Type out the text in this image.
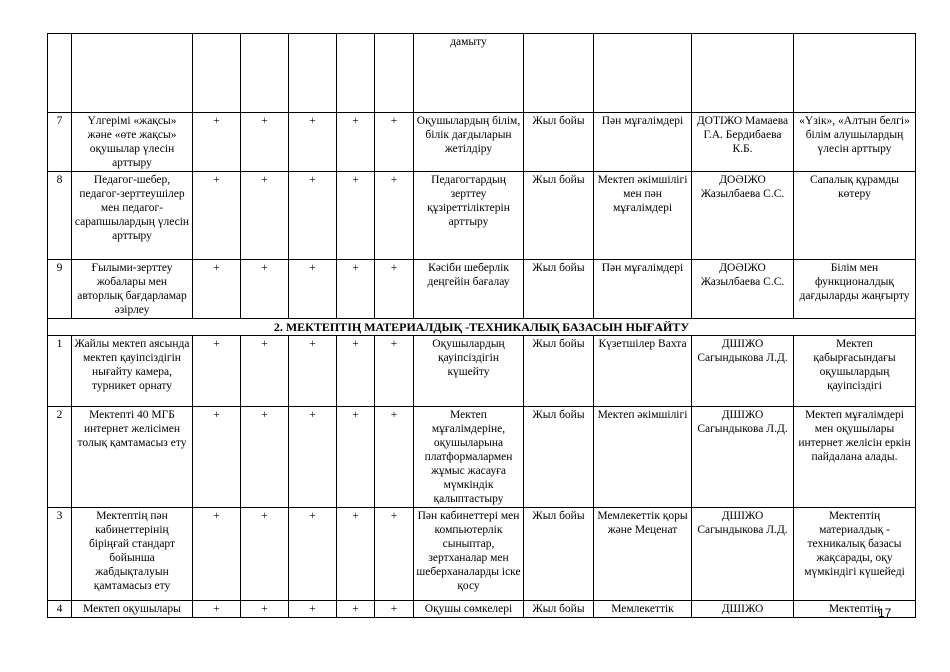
							дамыту				
7	Үлгерімі «жақсы» және «өте жақсы» оқушылар үлесін арттыру	+	+	+	+	+	Оқушылардың білім, білік дағдыларын жетілдіру	Жыл бойы	Пән мұғалімдері	ДОТІЖО Мамаева Г.А. Бердибаева К.Б.	«Үзік», «Алтын белгі» білім алушылардың үлесін арттыру
8	Педагог-шебер, педагог-зерттеушілер мен педагог-сарапшылардың үлесін арттыру	+	+	+	+	+	Педагогтардың зерттеу құзіреттіліктерін арттыру	Жыл бойы	Мектеп әкімшілігі мен пән мұғалімдері	ДОӘІЖО Жазылбаева С.С.	Сапалық құрамды көтеру
9	Ғылыми-зерттеу жобалары мен авторлық бағдарламар әзірлеу	+	+	+	+	+	Кәсіби шеберлік деңгейін бағалау	Жыл бойы	Пән мұғалімдері	ДОӘІЖО Жазылбаева С.С.	Білім мен функционалдық дағдыларды жаңғырту
2. МЕКТЕПТІҢ МАТЕРИАЛДЫҚ -ТЕХНИКАЛЫҚ БАЗАСЫН НЫҒАЙТУ											
1	Жайлы мектеп аясында мектеп қауіпсіздігін нығайту камера, турникет орнату	+	+	+	+	+	Оқушылардың қауіпсіздігін күшейту	Жыл бойы	Күзетшілер Вахта	ДШІЖО Сагындыкова Л.Д.	Мектеп қабырғасындағы оқушылардың қауіпсіздігі
2	Мектепті 40 МГБ интернет желісімен толық қамтамасыз ету	+	+	+	+	+	Мектеп мұғалімдеріне, оқушыларына платформалармен жұмыс жасауға мүмкіндік қалыптастыру	Жыл бойы	Мектеп әкімшілігі	ДШІЖО Сагындыкова Л.Д.	Мектеп мұғалімдері мен оқушылары интернет желісін еркін пайдалана алады.
3	Мектептің пән кабинеттерінің біріңғай стандарт бойынша жабдықталуын қамтамасыз ету	+	+	+	+	+	Пән кабинеттері мен компьютерлік сыныптар, зертханалар мен шеберханаларды іске қосу	Жыл бойы	Мемлекеттік қоры және Меценат	ДШІЖО Сагындыкова Л.Д.	Мектептің материалдық - техникалық базасы жақсарады, оқу мүмкіндігі күшейеді
4	Мектеп оқушылары	+	+	+	+	+	Оқушы сөмкелері	Жыл бойы	Мемлекеттік	ДШІЖО	Мектептің
17
